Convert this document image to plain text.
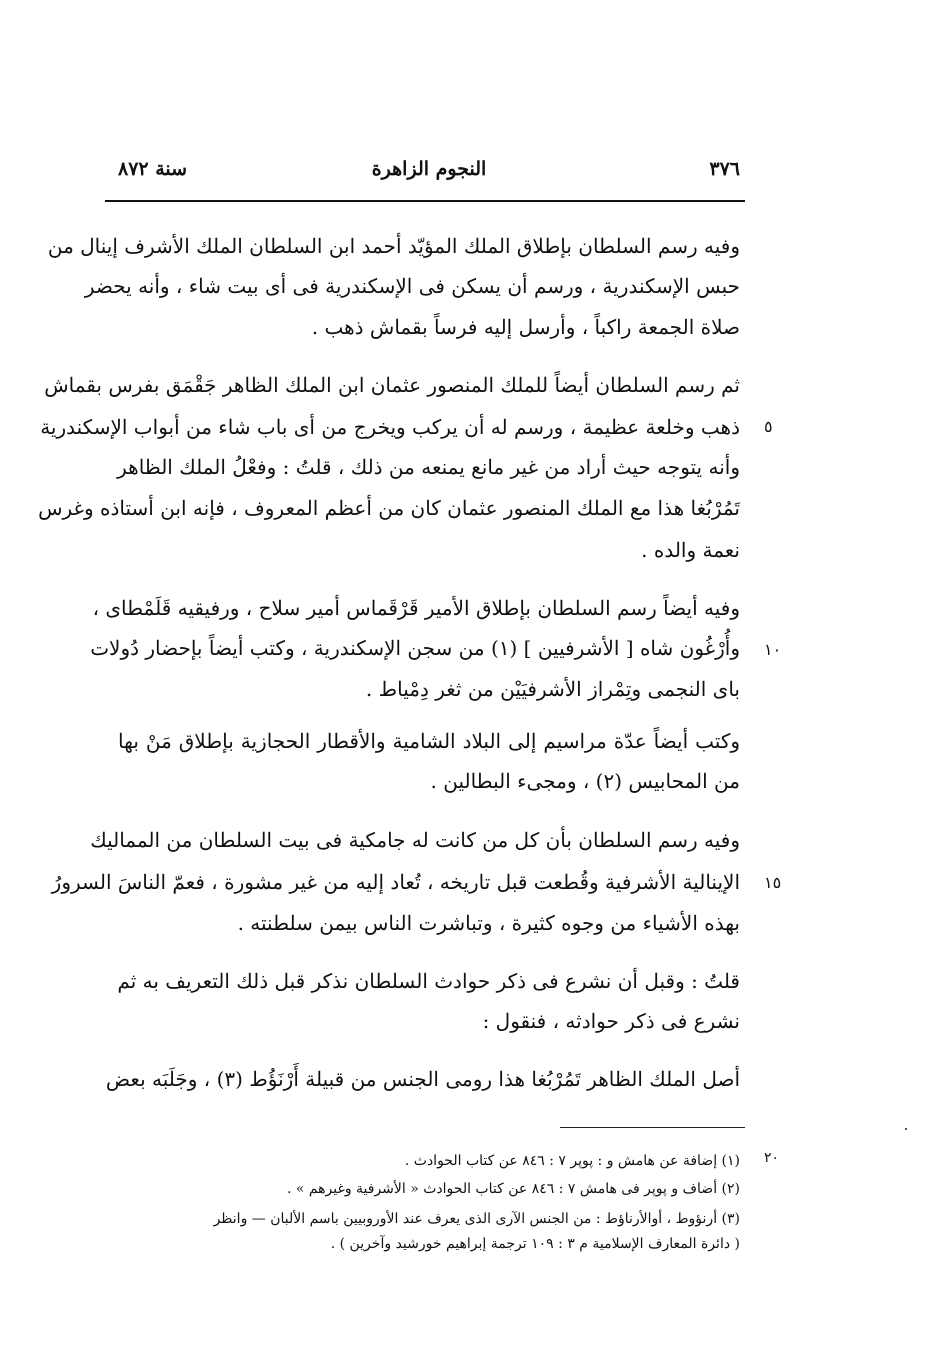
٣٧٦
النجوم الزاهرة
سنة ٨٧٢
وفيه رسم السلطان بإطلاق الملك المؤيّد أحمد ابن السلطان الملك الأشرف إينال من
حبس الإسكندرية ، ورسم أن يسكن فى الإسكندرية فى أى بيت شاء ، وأنه يحضر
صلاة الجمعة راكباً ، وأرسل إليه فرساً بقماش ذهب .
ثم رسم السلطان أيضاً للملك المنصور عثمان ابن الملك الظاهر جَقْمَق بفرس بقماش
ذهب وخلعة عظيمة ، ورسم له أن يركب ويخرج من أى باب شاء من أبواب الإسكندرية
وأنه يتوجه حيث أراد من غير مانع يمنعه من ذلك ، قلتُ : وفعْلُ الملك الظاهر
تَمُرْبُغا هذا مع الملك المنصور عثمان كان من أعظم المعروف ، فإنه ابن أستاذه وغرس
نعمة والده .
وفيه أيضاً رسم السلطان بإطلاق الأمير قَرْقَماس أمير سلاح ، ورفيقيه قَلَمْطاى ،
وأُرْغُون شاه [ الأشرفيين ] (١) من سجن الإسكندرية ، وكتب أيضاً بإحضار دُولات
باى النجمى وتِمْراز الأشرفيَيْن من ثغر دِمْياط .
وكتب أيضاً عدّة مراسيم إلى البلاد الشامية والأقطار الحجازية بإطلاق مَنْ بها
من المحابيس (٢) ، ومجىء البطالين .
وفيه رسم السلطان بأن كل من كانت له جامكية فى بيت السلطان من المماليك
الإينالية الأشرفية وقُطعت قبل تاريخه ، تُعاد إليه من غير مشورة ، فعمّ الناسَ السرورُ
بهذه الأشياء من وجوه كثيرة ، وتباشرت الناس بيمن سلطنته .
قلتُ : وقبل أن نشرع فى ذكر حوادث السلطان نذكر قبل ذلك التعريف به ثم
نشرع فى ذكر حوادثه ، فنقول :
أصل الملك الظاهر تَمُرْبُغا هذا رومى الجنس من قبيلة أَرْنَؤُط (٣) ، وجَلَبَه بعض
٥
١٠
١٥
٢٠
(١) إضافة عن هامش و : پوپر ٧ : ٨٤٦ عن كتاب الحوادث .
(٢) أضاف و پوپر فى هامش ٧ : ٨٤٦ عن كتاب الحوادث « الأشرفية وغيرهم » .
(٣) أرنؤوط ، أوالأرناؤط : من الجنس الآرى الذى يعرف عند الأوروبيين باسم الألبان — وانظر
( دائرة المعارف الإسلامية م ٣ : ١٠٩ ترجمة إبراهيم خورشيد وآخرين ) .
